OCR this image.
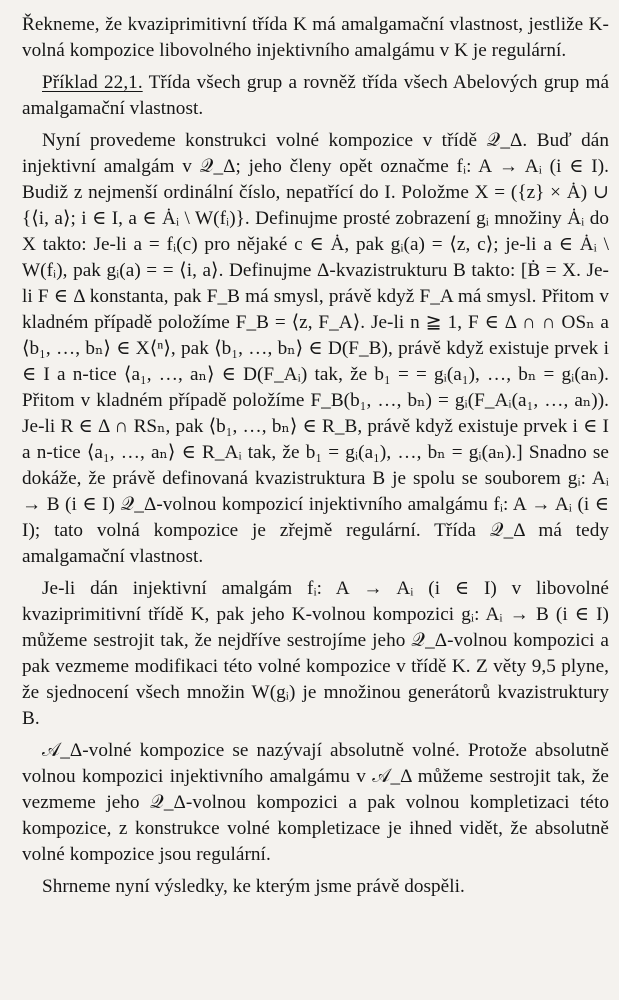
Řekneme, že kvaziprimitivní třída K má amalgamační vlastnost, jestliže K-volná kompozice libovolného injektivního amalgámu v K je regulární.

Příklad 22,1. Třída všech grup a rovněž třída všech Abelových grup má amalgamační vlastnost.

Nyní provedeme konstrukci volné kompozice v třídě 𝒬_Δ. Buď dán injektivní amalgám v 𝒬_Δ; jeho členy opět označme fᵢ: A → Aᵢ (i ∈ I). Budiž z nejmenší ordinální číslo, nepatřící do I. Položme X = ({z} × Ȧ) ∪ {⟨i, a⟩; i ∈ I, a ∈ Ȧᵢ \ W(fᵢ)}. Definujme prosté zobrazení gᵢ množiny Ȧᵢ do X takto: Je-li a = fᵢ(c) pro nějaké c ∈ Ȧ, pak gᵢ(a) = ⟨z, c⟩; je-li a ∈ Ȧᵢ \ W(fᵢ), pak gᵢ(a) = = ⟨i, a⟩. Definujme Δ-kvazistrukturu B takto: [Ḃ = X. Je-li F ∈ Δ konstanta, pak F_B má smysl, právě když F_A má smysl. Přitom v kladném případě položíme F_B = ⟨z, F_A⟩. Je-li n ≧ 1, F ∈ Δ ∩ ∩ OSₙ a ⟨b₁, …, bₙ⟩ ∈ X⟨ⁿ⟩, pak ⟨b₁, …, bₙ⟩ ∈ D(F_B), právě když existuje prvek i ∈ I a n-tice ⟨a₁, …, aₙ⟩ ∈ D(F_Aᵢ) tak, že b₁ = = gᵢ(a₁), …, bₙ = gᵢ(aₙ). Přitom v kladném případě položíme F_B(b₁, …, bₙ) = gᵢ(F_Aᵢ(a₁, …, aₙ)). Je-li R ∈ Δ ∩ RSₙ, pak ⟨b₁, …, bₙ⟩ ∈ R_B, právě když existuje prvek i ∈ I a n-tice ⟨a₁, …, aₙ⟩ ∈ R_Aᵢ tak, že b₁ = gᵢ(a₁), …, bₙ = gᵢ(aₙ).] Snadno se dokáže, že právě definovaná kvazistruktura B je spolu se souborem gᵢ: Aᵢ → B (i ∈ I) 𝒬_Δ-volnou kompozicí injektivního amalgámu fᵢ: A → Aᵢ (i ∈ I); tato volná kompozice je zřejmě regulární. Třída 𝒬_Δ má tedy amalgamační vlastnost.

Je-li dán injektivní amalgám fᵢ: A → Aᵢ (i ∈ I) v libovolné kvaziprimitivní třídě K, pak jeho K-volnou kompozici gᵢ: Aᵢ → B (i ∈ I) můžeme sestrojit tak, že nejdříve sestrojíme jeho 𝒬_Δ-volnou kompozici a pak vezmeme modifikaci této volné kompozice v třídě K. Z věty 9,5 plyne, že sjednocení všech množin W(gᵢ) je množinou generátorů kvazistruktury B.

𝒜_Δ-volné kompozice se nazývají absolutně volné. Protože absolutně volnou kompozici injektivního amalgámu v 𝒜_Δ můžeme sestrojit tak, že vezmeme jeho 𝒬_Δ-volnou kompozici a pak volnou kompletizaci této kompozice, z konstrukce volné kompletizace je ihned vidět, že absolutně volné kompozice jsou regulární.

Shrneme nyní výsledky, ke kterým jsme právě dospěli.
